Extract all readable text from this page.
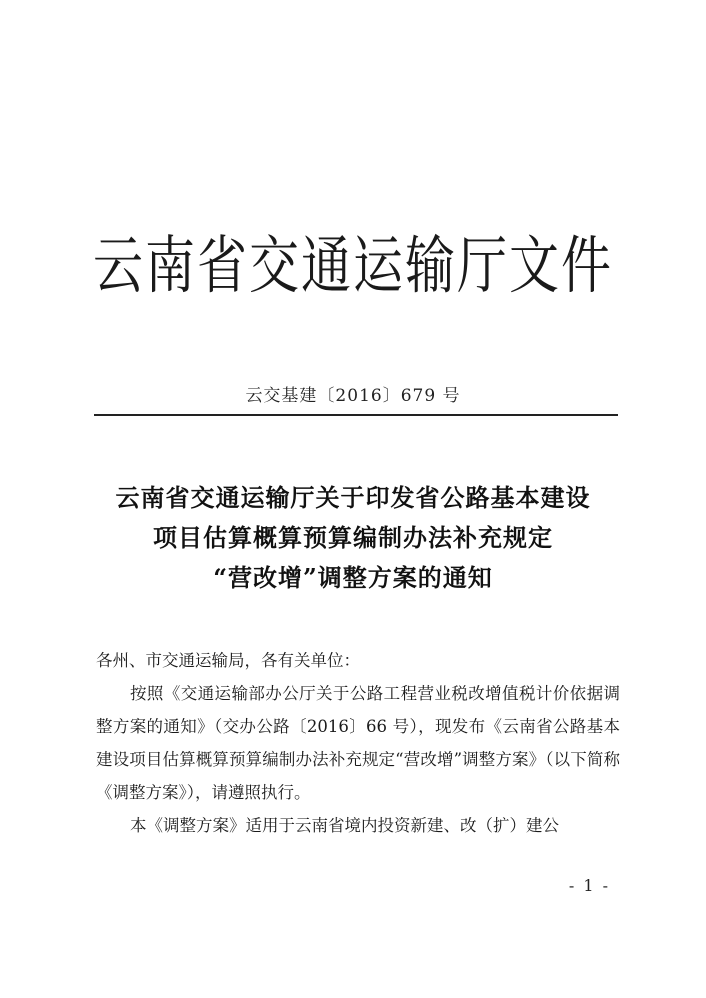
云南省交通运输厅文件
云交基建〔2016〕679 号
云南省交通运输厅关于印发省公路基本建设
项目估算概算预算编制办法补充规定
“营改增”调整方案的通知

各州、市交通运输局，各有关单位：

按照《交通运输部办公厅关于公路工程营业税改增值税计价依据调整方案的通知》（交办公路〔2016〕66 号），现发布《云南省公路基本建设项目估算概算预算编制办法补充规定“营改增”调整方案》（以下简称《调整方案》），请遵照执行。

本《调整方案》适用于云南省境内投资新建、改（扩）建公

- 1 -
